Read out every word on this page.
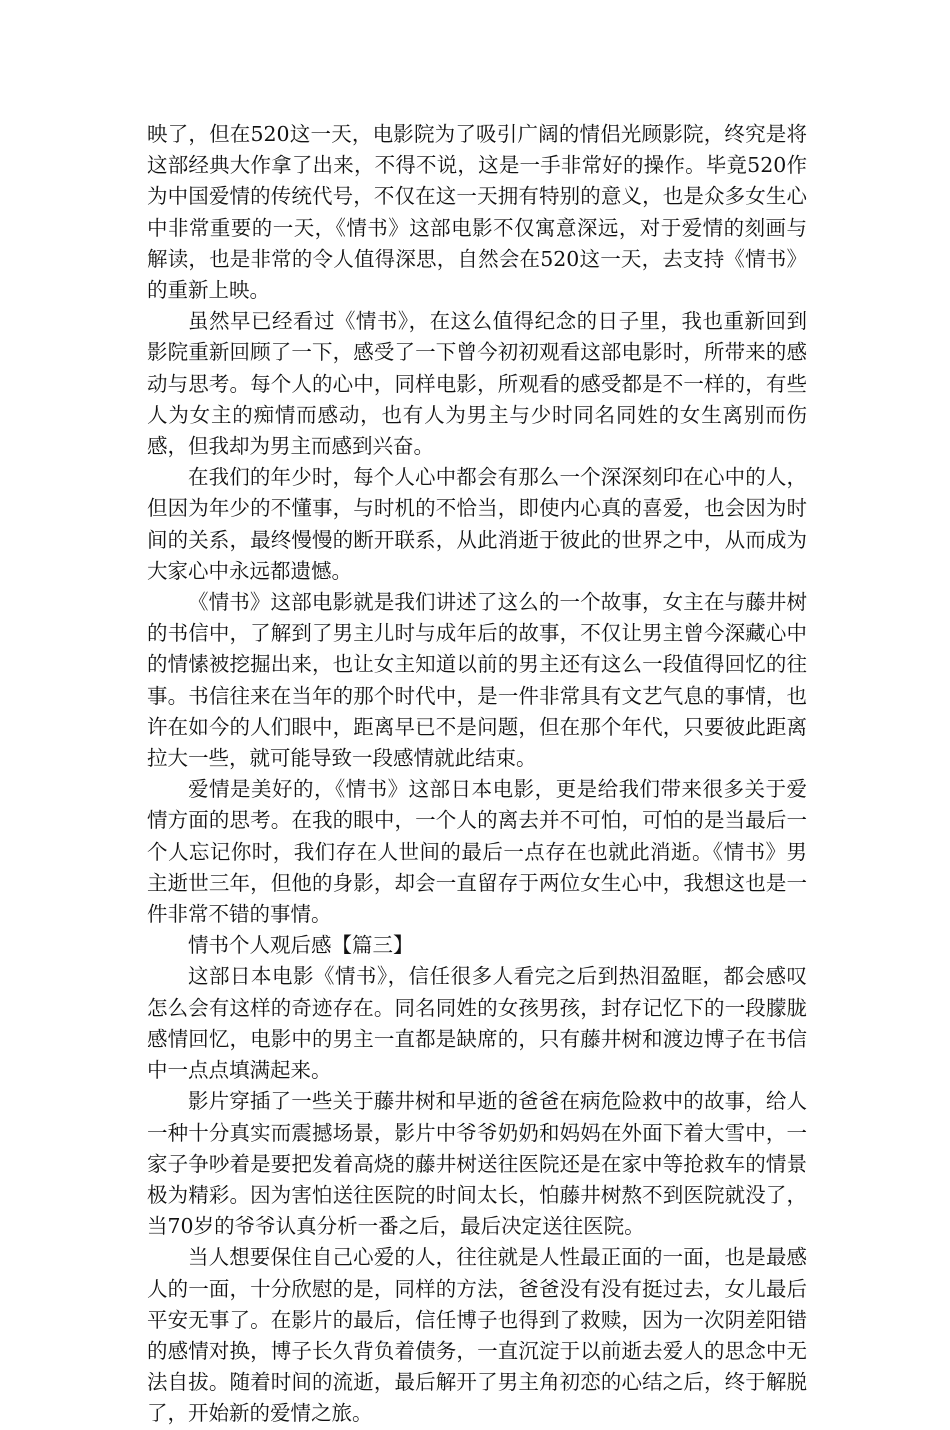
映了，但在520这一天，电影院为了吸引广阔的情侣光顾影院，终究是将这部经典大作拿了出来，不得不说，这是一手非常好的操作。毕竟520作为中国爱情的传统代号，不仅在这一天拥有特别的意义，也是众多女生心中非常重要的一天，《情书》这部电影不仅寓意深远，对于爱情的刻画与解读，也是非常的令人值得深思，自然会在520这一天，去支持《情书》的重新上映。

虽然早已经看过《情书》，在这么值得纪念的日子里，我也重新回到影院重新回顾了一下，感受了一下曾今初初观看这部电影时，所带来的感动与思考。每个人的心中，同样电影，所观看的感受都是不一样的，有些人为女主的痴情而感动，也有人为男主与少时同名同姓的女生离别而伤感，但我却为男主而感到兴奋。

在我们的年少时，每个人心中都会有那么一个深深刻印在心中的人，但因为年少的不懂事，与时机的不恰当，即使内心真的喜爱，也会因为时间的关系，最终慢慢的断开联系，从此消逝于彼此的世界之中，从而成为大家心中永远都遗憾。

《情书》这部电影就是我们讲述了这么的一个故事，女主在与藤井树的书信中，了解到了男主儿时与成年后的故事，不仅让男主曾今深藏心中的情愫被挖掘出来，也让女主知道以前的男主还有这么一段值得回忆的往事。书信往来在当年的那个时代中，是一件非常具有文艺气息的事情，也许在如今的人们眼中，距离早已不是问题，但在那个年代，只要彼此距离拉大一些，就可能导致一段感情就此结束。

爱情是美好的，《情书》这部日本电影，更是给我们带来很多关于爱情方面的思考。在我的眼中，一个人的离去并不可怕，可怕的是当最后一个人忘记你时，我们存在人世间的最后一点存在也就此消逝。《情书》男主逝世三年，但他的身影，却会一直留存于两位女生心中，我想这也是一件非常不错的事情。

情书个人观后感【篇三】

这部日本电影《情书》，信任很多人看完之后到热泪盈眶，都会感叹怎么会有这样的奇迹存在。同名同姓的女孩男孩，封存记忆下的一段朦胧感情回忆，电影中的男主一直都是缺席的，只有藤井树和渡边博子在书信中一点点填满起来。

影片穿插了一些关于藤井树和早逝的爸爸在病危险救中的故事，给人一种十分真实而震撼场景，影片中爷爷奶奶和妈妈在外面下着大雪中，一家子争吵着是要把发着高烧的藤井树送往医院还是在家中等抢救车的情景极为精彩。因为害怕送往医院的时间太长，怕藤井树熬不到医院就没了，当70岁的爷爷认真分析一番之后，最后决定送往医院。

当人想要保住自己心爱的人，往往就是人性最正面的一面，也是最感人的一面，十分欣慰的是，同样的方法，爸爸没有没有挺过去，女儿最后平安无事了。在影片的最后，信任博子也得到了救赎，因为一次阴差阳错的感情对换，博子长久背负着债务，一直沉淀于以前逝去爱人的思念中无法自拔。随着时间的流逝，最后解开了男主角初恋的心结之后，终于解脱了，开始新的爱情之旅。
